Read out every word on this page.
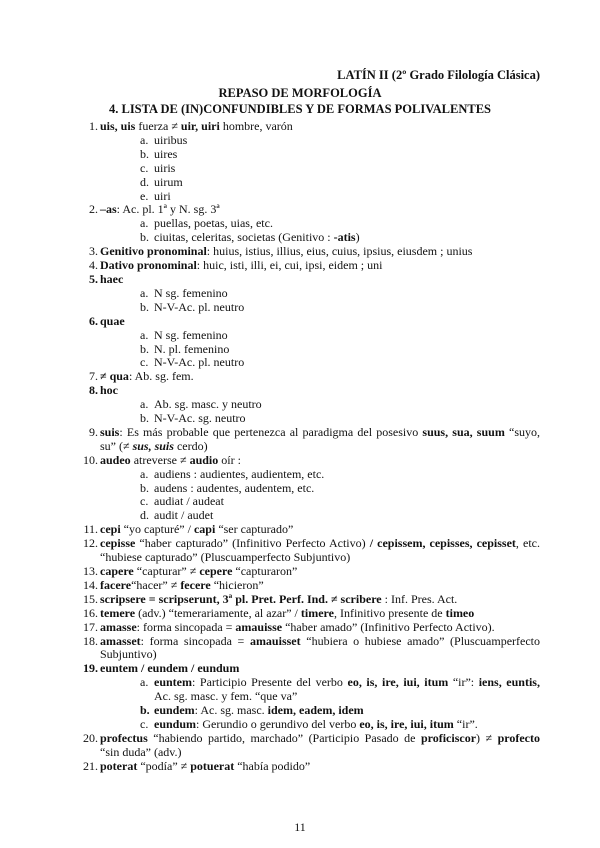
LATÍN II (2º Grado Filología Clásica)
REPASO DE MORFOLOGÍA
4. LISTA DE (IN)CONFUNDIBLES Y DE FORMAS POLIVALENTES
1. uis, uis fuerza ≠ uir, uiri hombre, varón
a. uiribus
b. uires
c. uiris
d. uirum
e. uiri
2. –as: Ac. pl. 1ª y N. sg. 3ª
a. puellas, poetas, uias, etc.
b. ciuitas, celeritas, societas (Genitivo : -atis)
3. Genitivo pronominal: huius, istius, illius, eius, cuius, ipsius, eiusdem ; unius
4. Dativo pronominal: huic, isti, illi, ei, cui, ipsi, eidem ; uni
5. haec
a. N sg. femenino
b. N-V-Ac. pl. neutro
6. quae
a. N sg. femenino
b. N. pl. femenino
c. N-V-Ac. pl. neutro
7. ≠ qua: Ab. sg. fem.
8. hoc
a. Ab. sg. masc. y neutro
b. N-V-Ac. sg. neutro
9. suis: Es más probable que pertenezca al paradigma del posesivo suus, sua, suum “suyo, su” (≠ sus, suis cerdo)
10. audeo atreverse ≠ audio oír :
a. audiens : audientes, audientem, etc.
b. audens : audentes, audentem, etc.
c. audiat / audeat
d. audit / audet
11. cepi “yo capturé” / capi “ser capturado”
12. cepisse “haber capturado” (Infinitivo Perfecto Activo) / cepissem, cepisses, cepisset, etc. “hubiese capturado” (Pluscuamperfecto Subjuntivo)
13. capere “capturar” ≠ cepere “capturaron”
14. facere“hacer” ≠ fecere “hicieron”
15. scripsere = scripserunt, 3ª pl. Pret. Perf. Ind. ≠ scribere : Inf. Pres. Act.
16. temere (adv.) “temerariamente, al azar” / timere, Infinitivo presente de timeo
17. amasse: forma sincopada = amauisse “haber amado” (Infinitivo Perfecto Activo).
18. amasset: forma sincopada = amauisset “hubiera o hubiese amado” (Pluscuamperfecto Subjuntivo)
19. euntem / eundem / eundum
a. euntem: Participio Presente del verbo eo, is, ire, iui, itum “ir”: iens, euntis, Ac. sg. masc. y fem. “que va”
b. eundem: Ac. sg. masc. idem, eadem, idem
c. eundum: Gerundio o gerundivo del verbo eo, is, ire, iui, itum “ir”.
20. profectus “habiendo partido, marchado” (Participio Pasado de proficiscor) ≠ profecto “sin duda” (adv.)
21. poterat “podía” ≠ potuerat “había podido”
11
